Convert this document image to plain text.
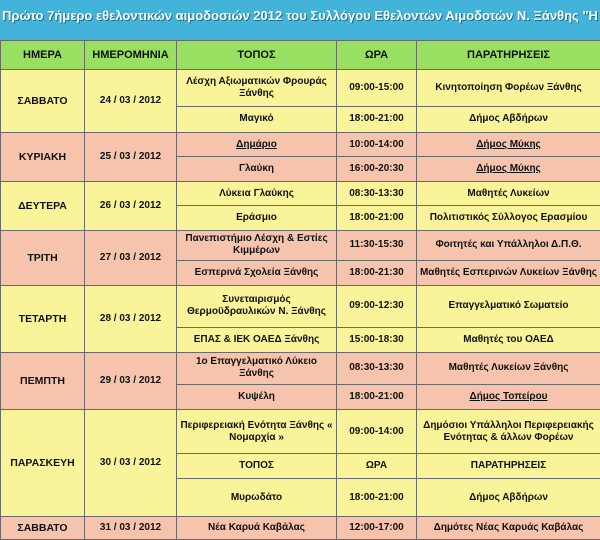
Πρώτο 7ήμερο εθελοντικών αιμοδοσιών 2012 του Συλλόγου Εθελοντών Αιμοδοτών Ν. Ξάνθης "Η
ΗΜΕΡΑ	ΗΜΕΡΟΜΗΝΙΑ	ΤΟΠΟΣ	ΩΡΑ	ΠΑΡΑΤΗΡΗΣΕΙΣ
ΣΑΒΒΑΤΟ	24 / 03 / 2012	Λέσχη Αξιωματικών Φρουράς Ξάνθης	09:00-15:00	Κινητοποίηση Φορέων Ξάνθης
		Μαγικό	18:00-21:00	Δήμος Αβδήρων
ΚΥΡΙΑΚΗ	25 / 03 / 2012	Δημάριο	10:00-14:00	Δήμος Μύκης
		Γλαύκη	16:00-20:30	Δήμος Μύκης
ΔΕΥΤΕΡΑ	26 / 03 / 2012	Λύκεια Γλαύκης	08:30-13:30	Μαθητές Λυκείων
		Εράσμιο	18:00-21:00	Πολιτιστικός Σύλλογος Ερασμίου
ΤΡΙΤΗ	27 / 03 / 2012	Πανεπιστήμιο Λέσχη & Εστίες Κιμμέρων	11:30-15:30	Φοιτητές και Υπάλληλοι Δ.Π.Θ.
		Εσπερινά Σχολεία Ξάνθης	18:00-21:30	Μαθητές Εσπερινών Λυκείων Ξάνθης
ΤΕΤΑΡΤΗ	28 / 03 / 2012	Συνεταιρισμός Θερμοϋδραυλικών Ν. Ξάνθης	09:00-12:30	Επαγγελματικό Σωματείο
		ΕΠΑΣ & ΙΕΚ ΟΑΕΔ Ξάνθης	15:00-18:30	Μαθητές του ΟΑΕΔ
ΠΕΜΠΤΗ	29 / 03 / 2012	1ο Επαγγελματικό Λύκειο Ξάνθης	08:30-13:30	Μαθητές Λυκείων Ξάνθης
		Κυψέλη	18:00-21:00	Δήμος Τοπείρου
ΠΑΡΑΣΚΕΥΗ	30 / 03 / 2012	Περιφερειακή Ενότητα Ξάνθης « Νομαρχία »	09:00-14:00	Δημόσιοι Υπάλληλοι Περιφερειακής Ενότητας & άλλων Φορέων
		ΤΟΠΟΣ	ΩΡΑ	ΠΑΡΑΤΗΡΗΣΕΙΣ
		Μυρωδάτο	18:00-21:00	Δήμος Αβδήρων
ΣΑΒΒΑΤΟ	31 / 03 / 2012	Νέα Καρυά Καβάλας	12:00-17:00	Δημότες Νέας Καρυάς Καβάλας
